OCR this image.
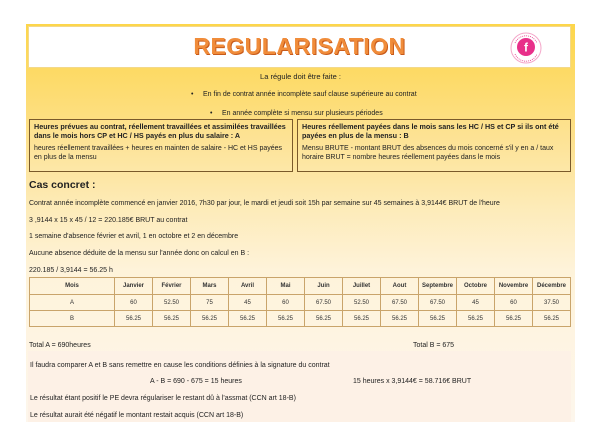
REGULARISATION	f
La régule doit être faite :
• En fin de contrat année incomplète sauf clause supérieure au contrat
• En année complète si mensu sur plusieurs périodes
Heures prévues au contrat, réellement travaillées et assimilées travaillées dans le mois hors CP et HC / HS payés en plus du salaire : A
heures réellement travaillées + heures en mainten de salaire - HC et HS payées en plus de la mensu
Heures réellement payées dans le mois sans les HC / HS et CP si ils ont été payées en plus de la mensu : B
Mensu BRUTE - montant BRUT des absences du mois concerné s'il y en a / taux horaire BRUT = nombre heures réellement payées dans le mois
Cas concret :
Contrat année incomplète commencé en janvier 2016, 7h30 par jour, le mardi et jeudi soit 15h par semaine sur 45 semaines à 3,9144€ BRUT de l'heure
3 ,9144 x 15 x 45 / 12 = 220.185€ BRUT au contrat
1 semaine d'absence février et avril, 1 en octobre et 2 en décembre
Aucune absence déduite de la mensu sur l'année donc on calcul en B :
220.185 / 3,9144 = 56.25 h
Mois	Janvier	Février	Mars	Avril	Mai	Juin	Juillet	Aout	Septembre	Octobre	Novembre	Décembre
A	60	52.50	75	45	60	67.50	52.50	67.50	67.50	45	60	37.50
B	56.25	56.25	56.25	56.25	56.25	56.25	56.25	56.25	56.25	56.25	56.25	56.25
Total A = 690heures	Total B = 675
Il faudra comparer A et B sans remettre en cause les conditions définies à la signature du contrat
A - B = 690 - 675 = 15 heures	15 heures x 3,9144€ = 58.716€ BRUT
Le résultat étant positif le PE devra régulariser le restant dû à l'assmat (CCN art 18-B)
Le résultat aurait été négatif le montant restait acquis (CCN art 18-B)
